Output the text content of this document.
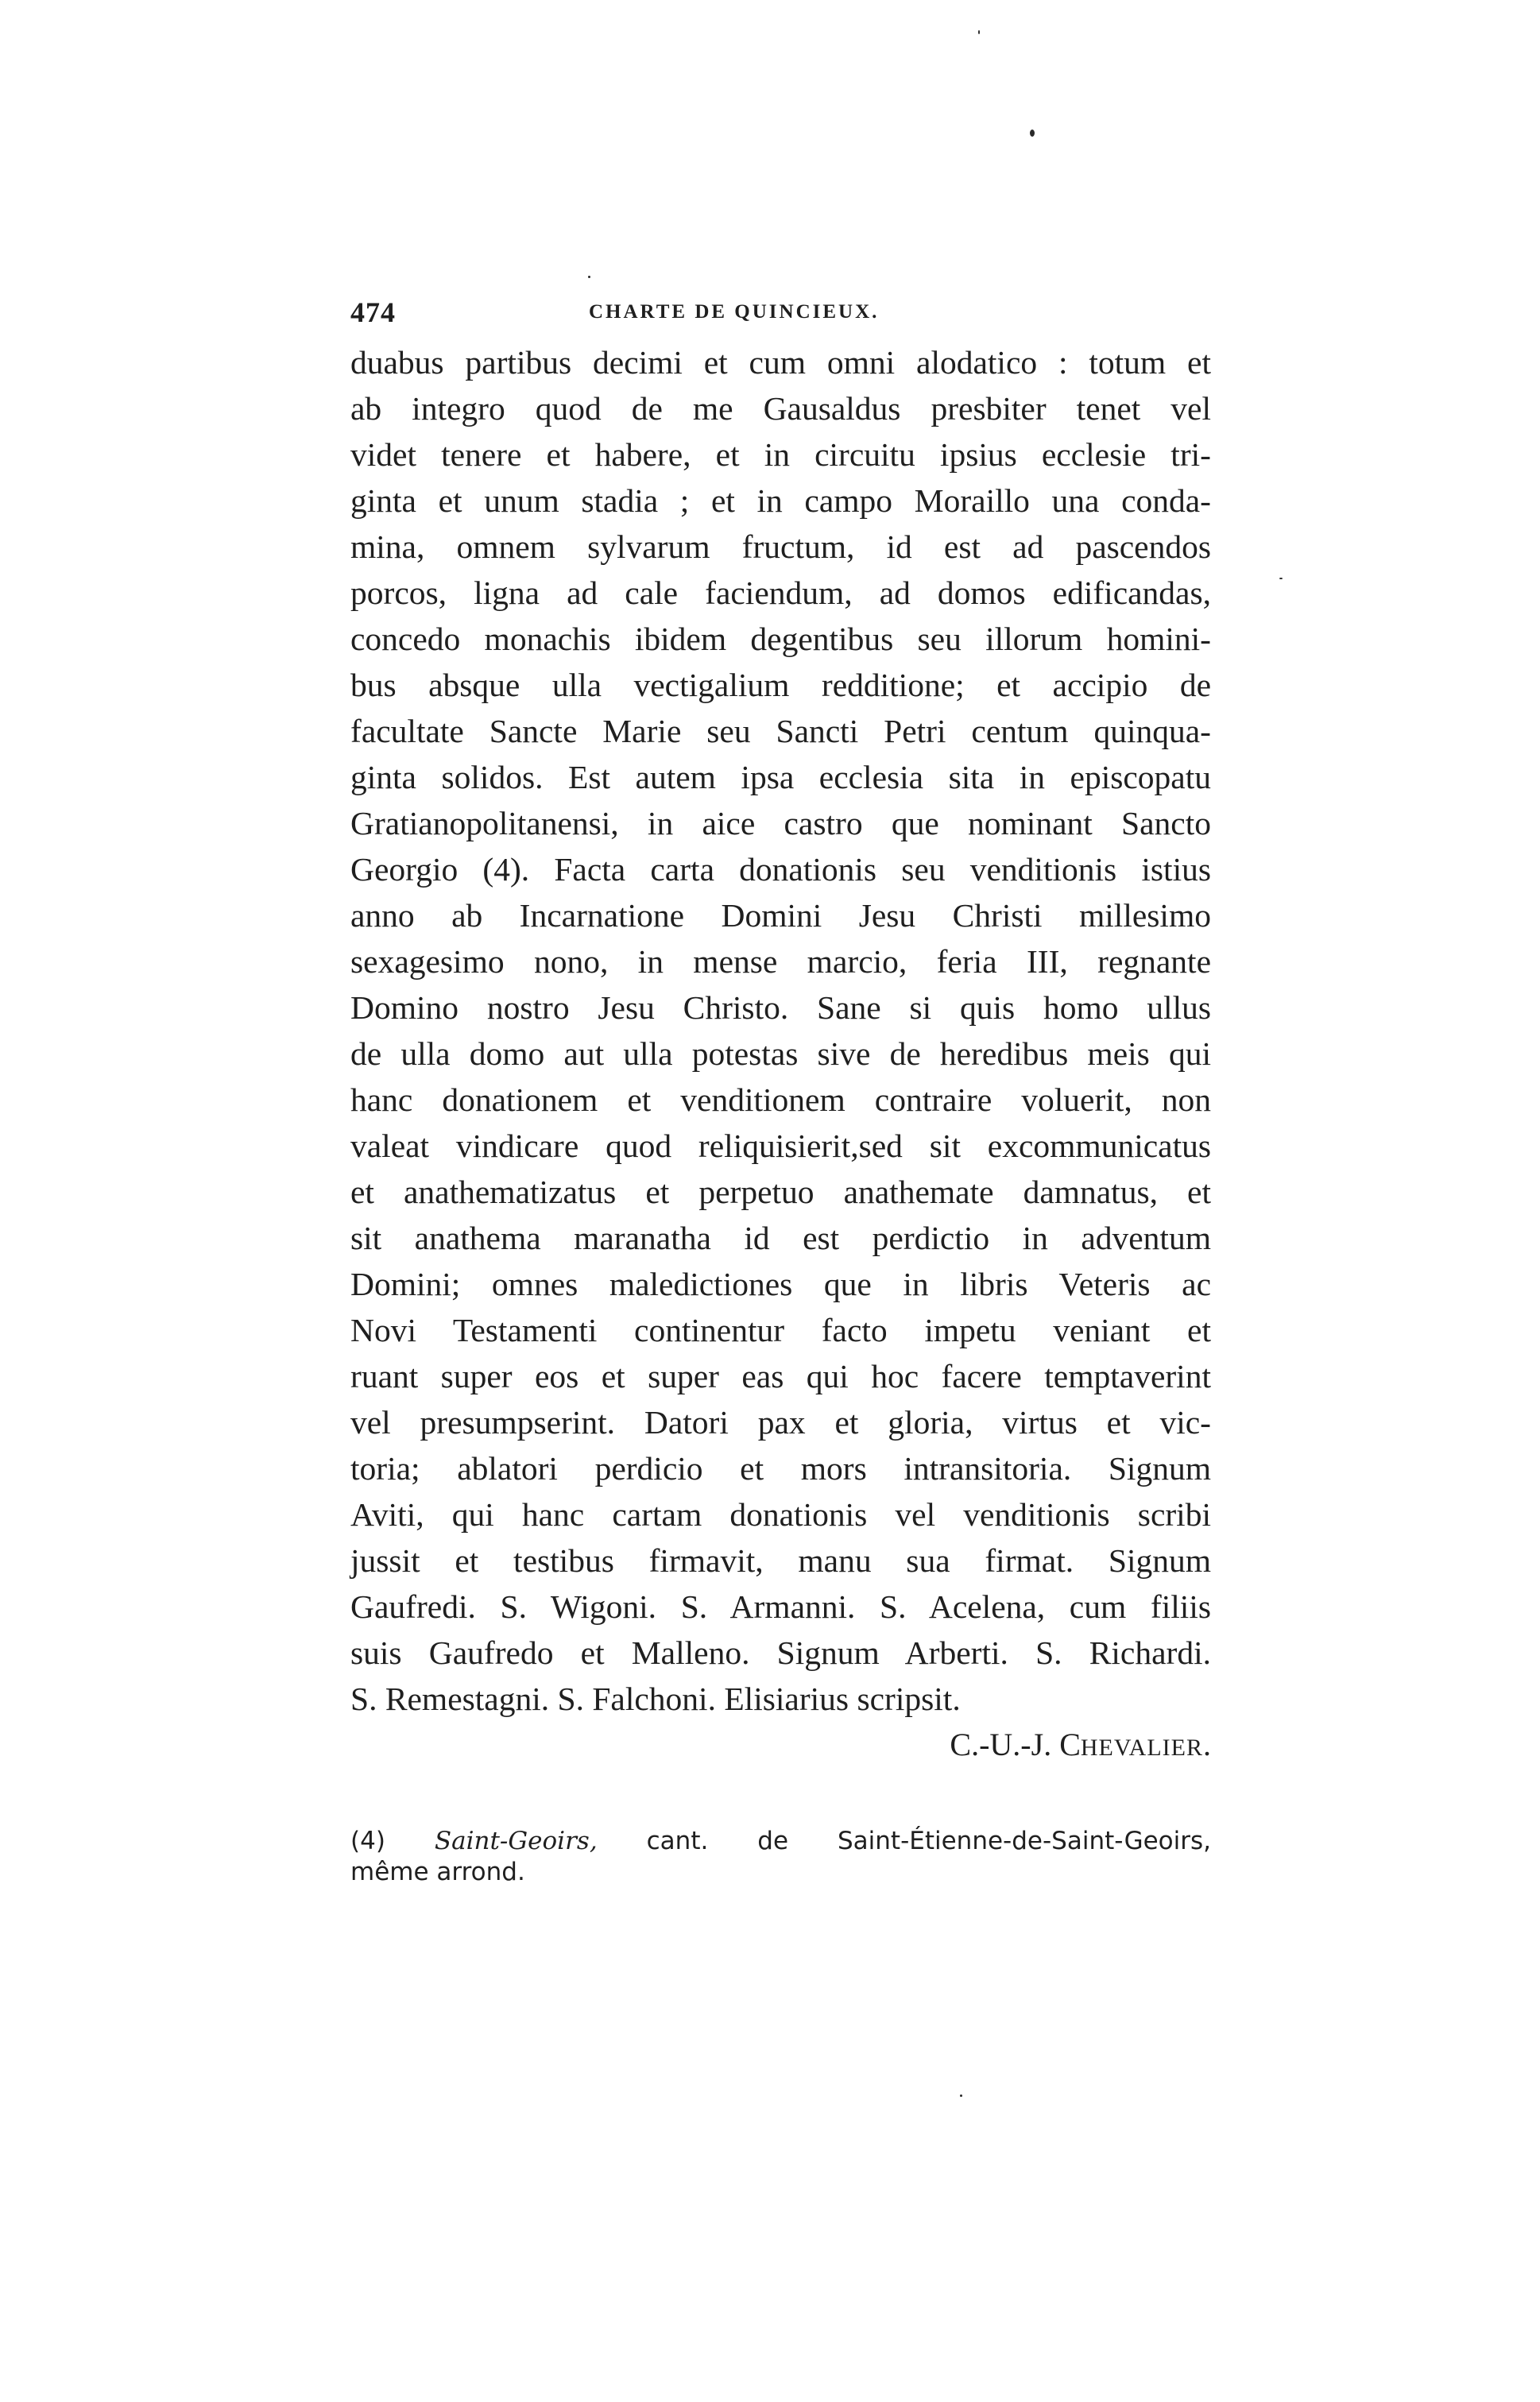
474	CHARTE DE QUINCIEUX.
duabus partibus decimi et cum omni alodatico : totum et
ab integro quod de me Gausaldus presbiter tenet vel
videt tenere et habere, et in circuitu ipsius ecclesie tri-
ginta et unum stadia ; et in campo Moraillo una conda-
mina, omnem sylvarum fructum, id est ad pascendos
porcos, ligna ad cale faciendum, ad domos edificandas,
concedo monachis ibidem degentibus seu illorum homini-
bus absque ulla vectigalium redditione; et accipio de
facultate Sancte Marie seu Sancti Petri centum quinqua-
ginta solidos. Est autem ipsa ecclesia sita in episcopatu
Gratianopolitanensi, in aice castro que nominant Sancto
Georgio (4). Facta carta donationis seu venditionis istius
anno ab Incarnatione Domini Jesu Christi millesimo
sexagesimo nono, in mense marcio, feria III, regnante
Domino nostro Jesu Christo. Sane si quis homo ullus
de ulla domo aut ulla potestas sive de heredibus meis qui
hanc donationem et venditionem contraire voluerit, non
valeat vindicare quod reliquisierit,sed sit excommunicatus
et anathematizatus et perpetuo anathemate damnatus, et
sit anathema maranatha id est perdictio in adventum
Domini; omnes maledictiones que in libris Veteris ac
Novi Testamenti continentur facto impetu veniant et
ruant super eos et super eas qui hoc facere temptaverint
vel presumpserint. Datori pax et gloria, virtus et vic-
toria; ablatori perdicio et mors intransitoria. Signum
Aviti, qui hanc cartam donationis vel venditionis scribi
jussit et testibus firmavit, manu sua firmat. Signum
Gaufredi. S. Wigoni. S. Armanni. S. Acelena, cum filiis
suis Gaufredo et Malleno. Signum Arberti. S. Richardi.
S. Remestagni. S. Falchoni. Elisiarius scripsit.
C.-U.-J. CHEVALIER.
(4) Saint-Geoirs, cant. de Saint-Étienne-de-Saint-Geoirs,
même arrond.
